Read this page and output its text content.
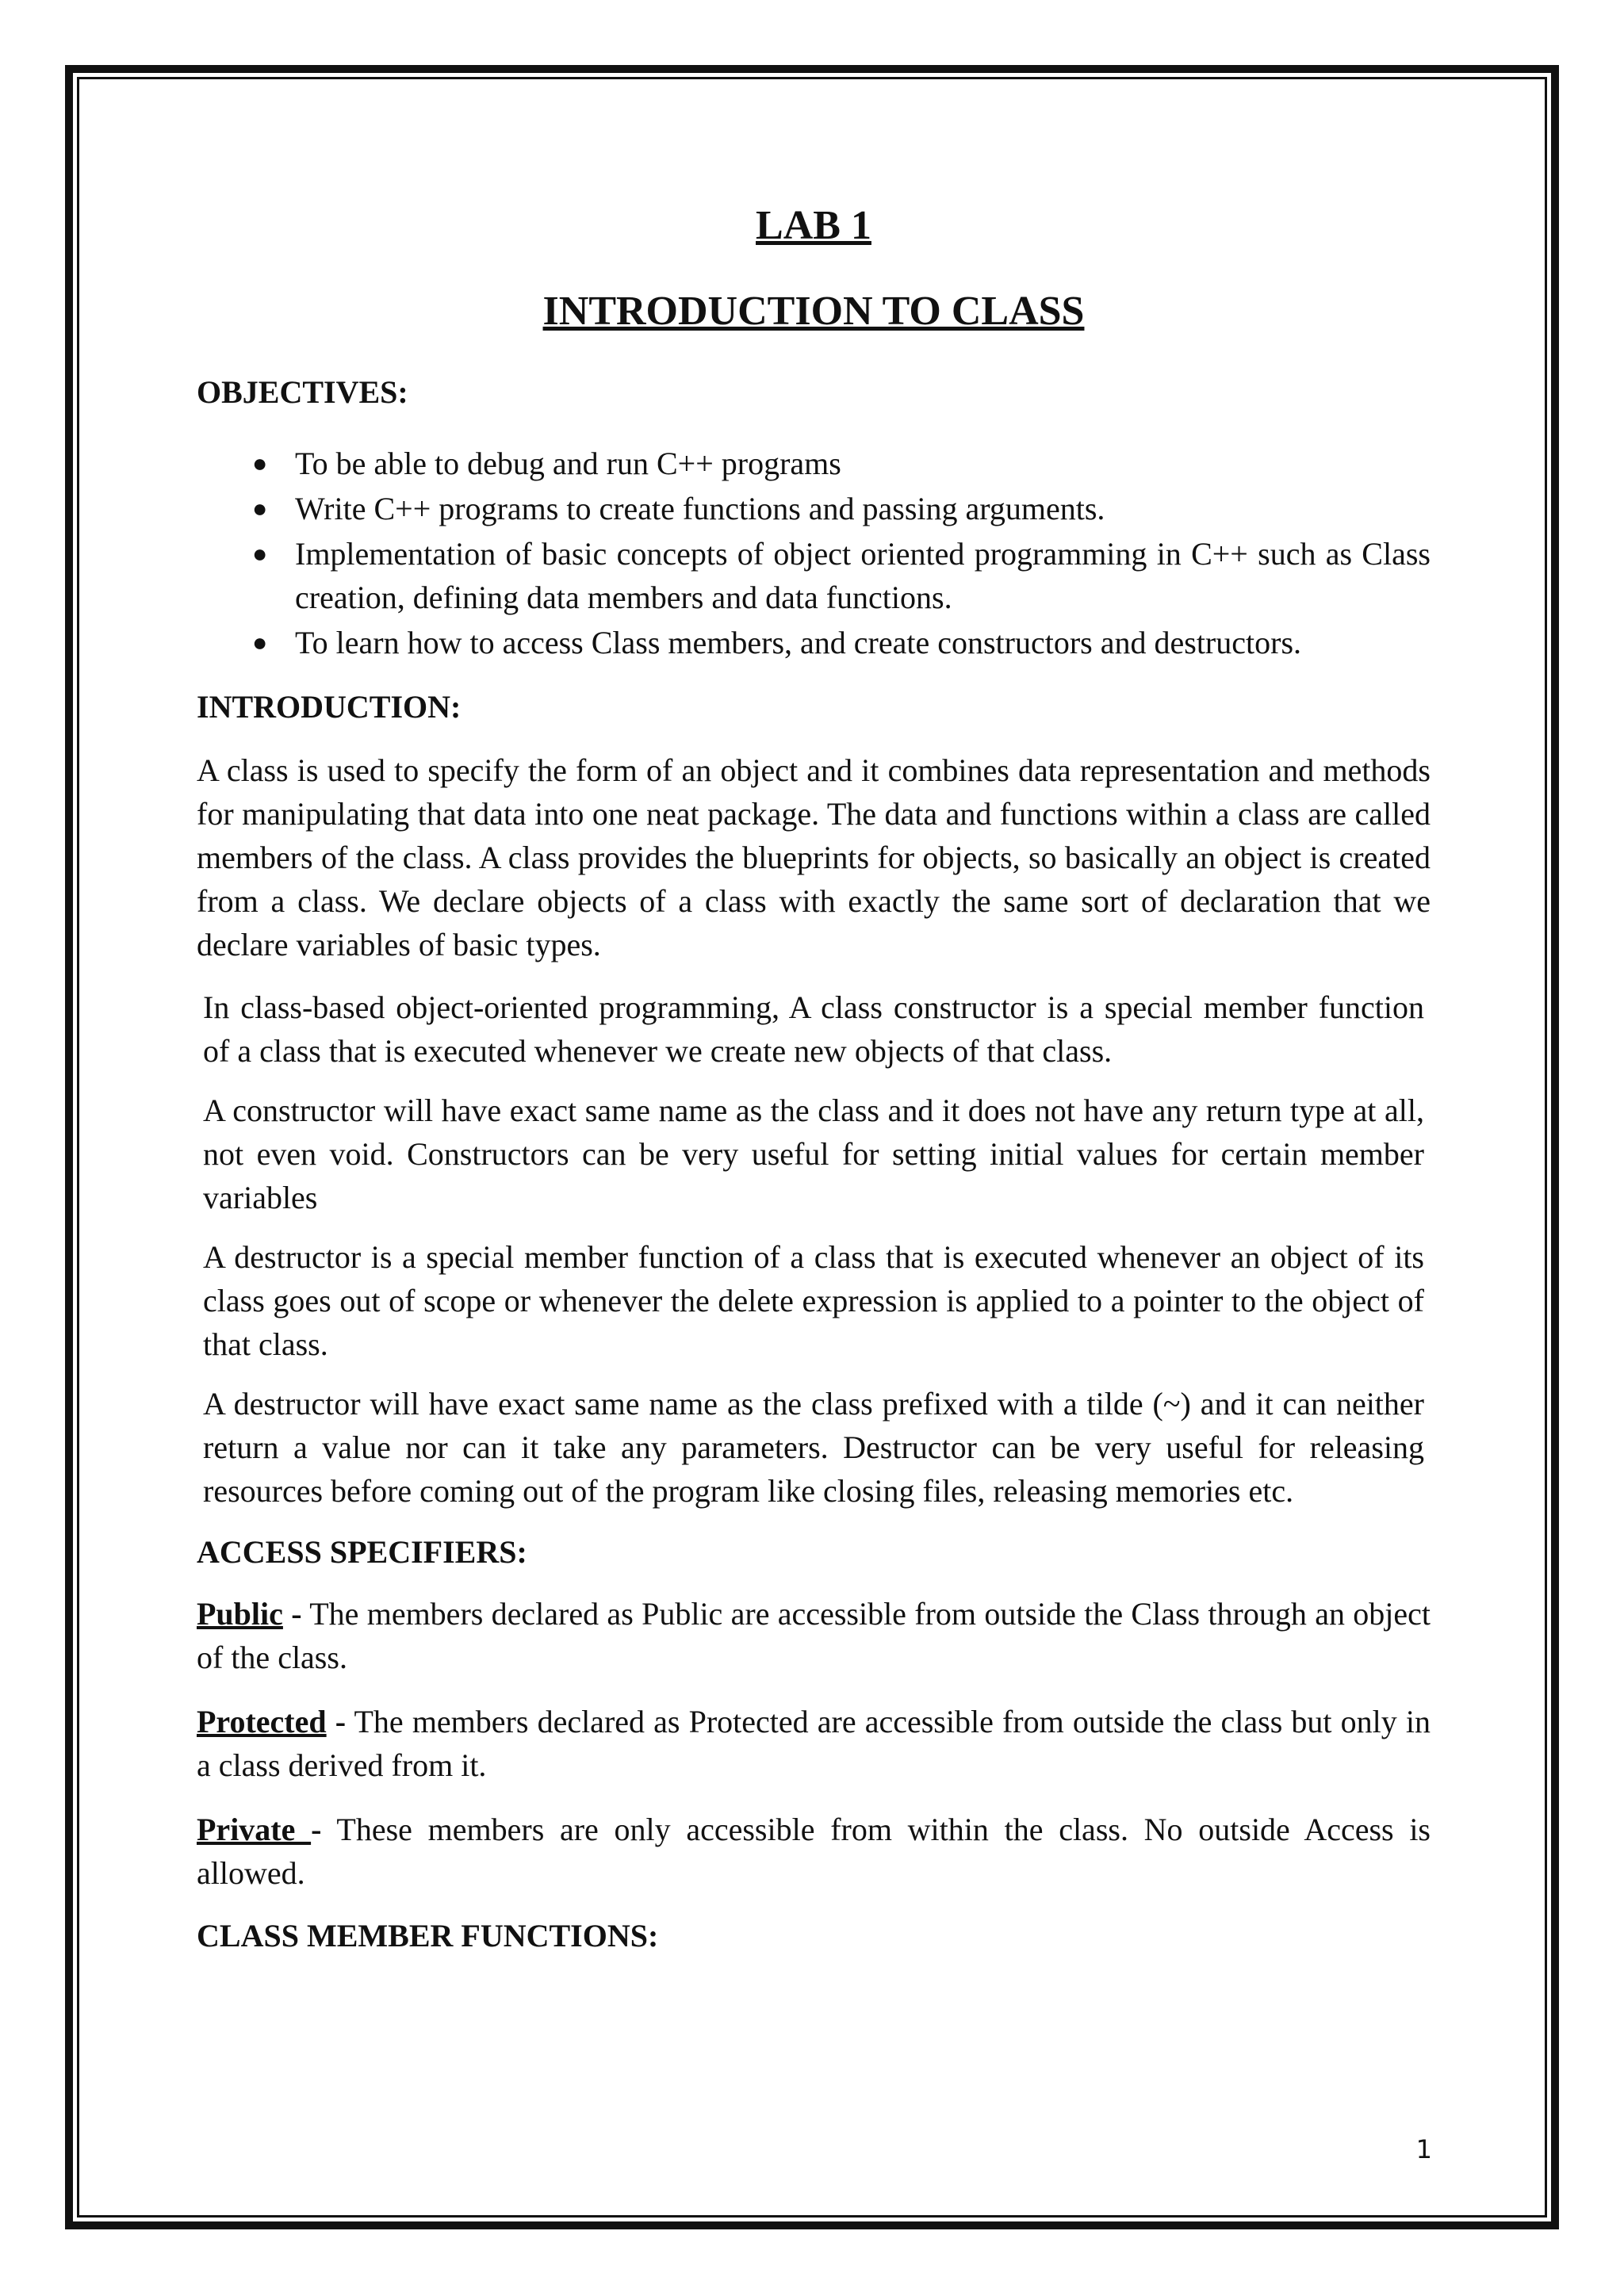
LAB 1
INTRODUCTION TO CLASS
OBJECTIVES:
● To be able to debug and run C++ programs
● Write C++ programs to create functions and passing arguments.
● Implementation of basic concepts of object oriented programming in C++ such as Class creation, defining data members and data functions.
● To learn how to access Class members, and create constructors and destructors.
INTRODUCTION:

A class is used to specify the form of an object and it combines data representation and methods for manipulating that data into one neat package. The data and functions within a class are called members of the class. A class provides the blueprints for objects, so basically an object is created from a class. We declare objects of a class with exactly the same sort of declaration that we declare variables of basic types.

In class-based object-oriented programming, A class constructor is a special member function of a class that is executed whenever we create new objects of that class.

A constructor will have exact same name as the class and it does not have any return type at all, not even void. Constructors can be very useful for setting initial values for certain member variables

A destructor is a special member function of a class that is executed whenever an object of its class goes out of scope or whenever the delete expression is applied to a pointer to the object of that class.

A destructor will have exact same name as the class prefixed with a tilde (~) and it can neither return a value nor can it take any parameters. Destructor can be very useful for releasing resources before coming out of the program like closing files, releasing memories etc.

ACCESS SPECIFIERS:

Public - The members declared as Public are accessible from outside the Class through an object of the class.

Protected - The members declared as Protected are accessible from outside the class but only in a class derived from it.

Private - These members are only accessible from within the class. No outside Access is allowed.

CLASS MEMBER FUNCTIONS:
1
